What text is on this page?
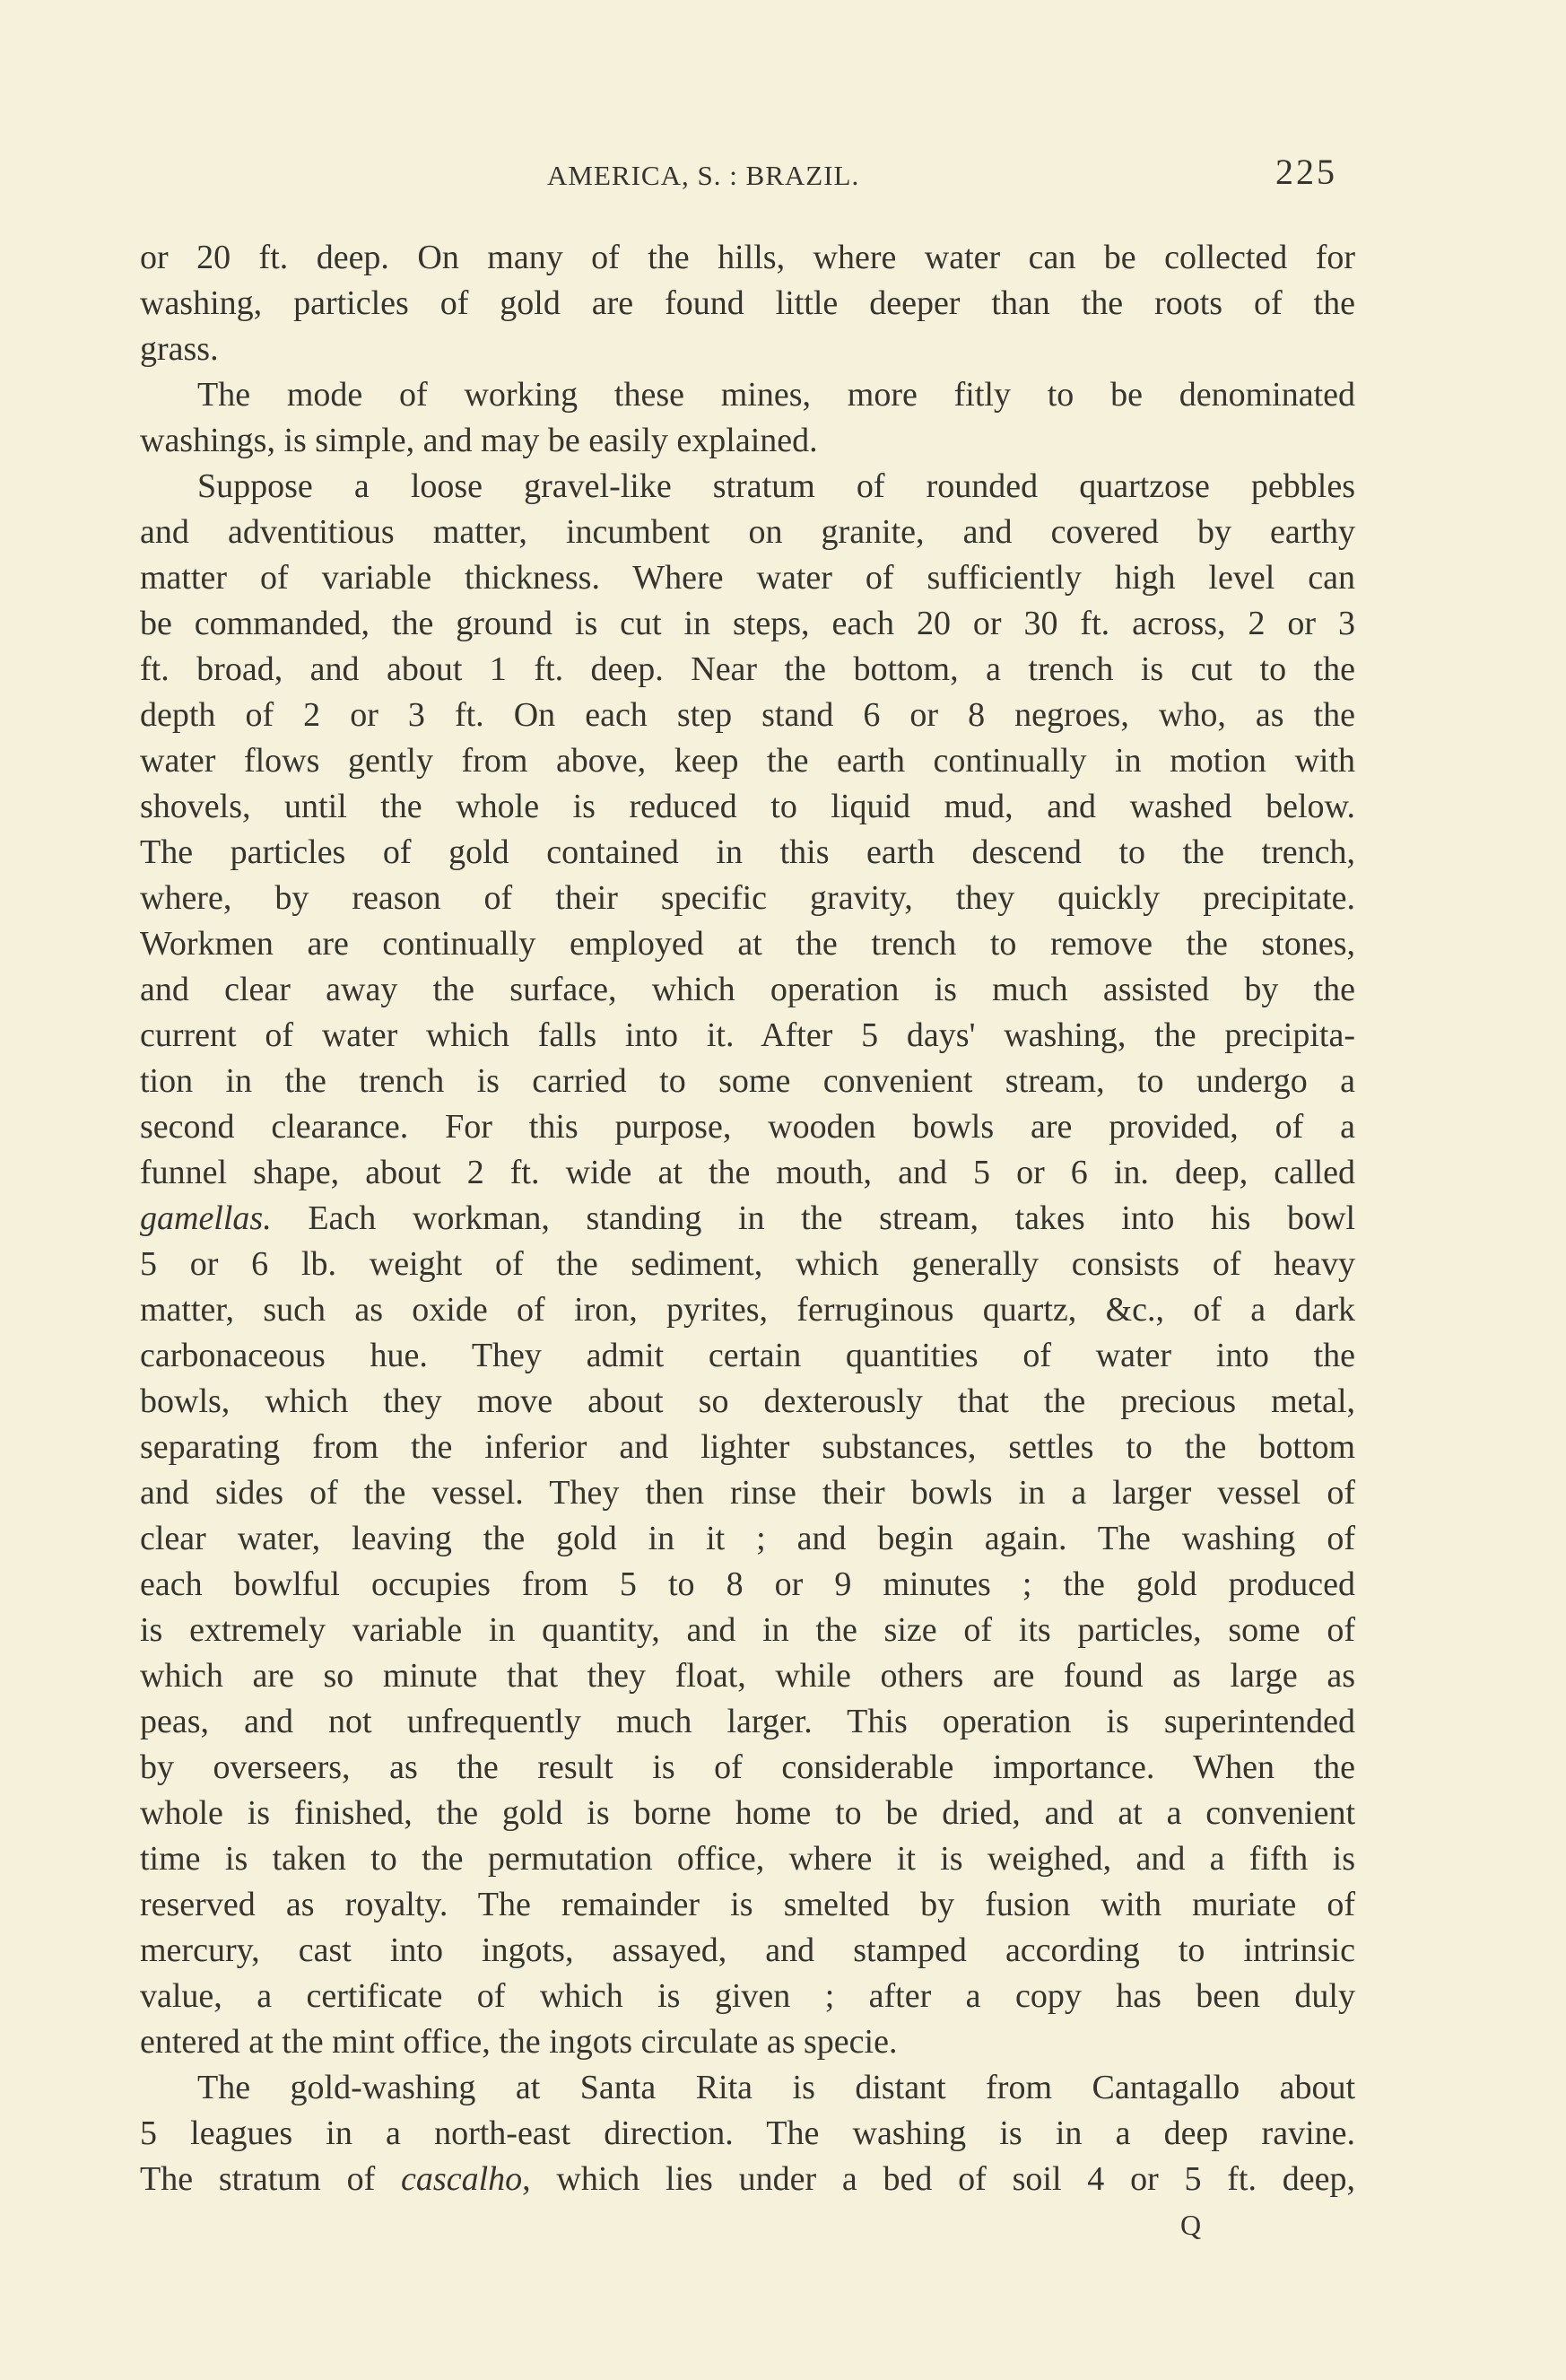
AMERICA, S. : BRAZIL.	225
or 20 ft. deep. On many of the hills, where water can be collected for
washing, particles of gold are found little deeper than the roots of the
grass.
The mode of working these mines, more fitly to be denominated
washings, is simple, and may be easily explained.
Suppose a loose gravel-like stratum of rounded quartzose pebbles
and adventitious matter, incumbent on granite, and covered by earthy
matter of variable thickness. Where water of sufficiently high level can
be commanded, the ground is cut in steps, each 20 or 30 ft. across, 2 or 3
ft. broad, and about 1 ft. deep. Near the bottom, a trench is cut to the
depth of 2 or 3 ft. On each step stand 6 or 8 negroes, who, as the
water flows gently from above, keep the earth continually in motion with
shovels, until the whole is reduced to liquid mud, and washed below.
The particles of gold contained in this earth descend to the trench,
where, by reason of their specific gravity, they quickly precipitate.
Workmen are continually employed at the trench to remove the stones,
and clear away the surface, which operation is much assisted by the
current of water which falls into it. After 5 days' washing, the precipita-
tion in the trench is carried to some convenient stream, to undergo a
second clearance. For this purpose, wooden bowls are provided, of a
funnel shape, about 2 ft. wide at the mouth, and 5 or 6 in. deep, called
gamellas. Each workman, standing in the stream, takes into his bowl
5 or 6 lb. weight of the sediment, which generally consists of heavy
matter, such as oxide of iron, pyrites, ferruginous quartz, &c., of a dark
carbonaceous hue. They admit certain quantities of water into the
bowls, which they move about so dexterously that the precious metal,
separating from the inferior and lighter substances, settles to the bottom
and sides of the vessel. They then rinse their bowls in a larger vessel of
clear water, leaving the gold in it ; and begin again. The washing of
each bowlful occupies from 5 to 8 or 9 minutes ; the gold produced
is extremely variable in quantity, and in the size of its particles, some of
which are so minute that they float, while others are found as large as
peas, and not unfrequently much larger. This operation is superintended
by overseers, as the result is of considerable importance. When the
whole is finished, the gold is borne home to be dried, and at a convenient
time is taken to the permutation office, where it is weighed, and a fifth is
reserved as royalty. The remainder is smelted by fusion with muriate of
mercury, cast into ingots, assayed, and stamped according to intrinsic
value, a certificate of which is given ; after a copy has been duly
entered at the mint office, the ingots circulate as specie.
The gold-washing at Santa Rita is distant from Cantagallo about
5 leagues in a north-east direction. The washing is in a deep ravine.
The stratum of cascalho, which lies under a bed of soil 4 or 5 ft. deep,
Q
